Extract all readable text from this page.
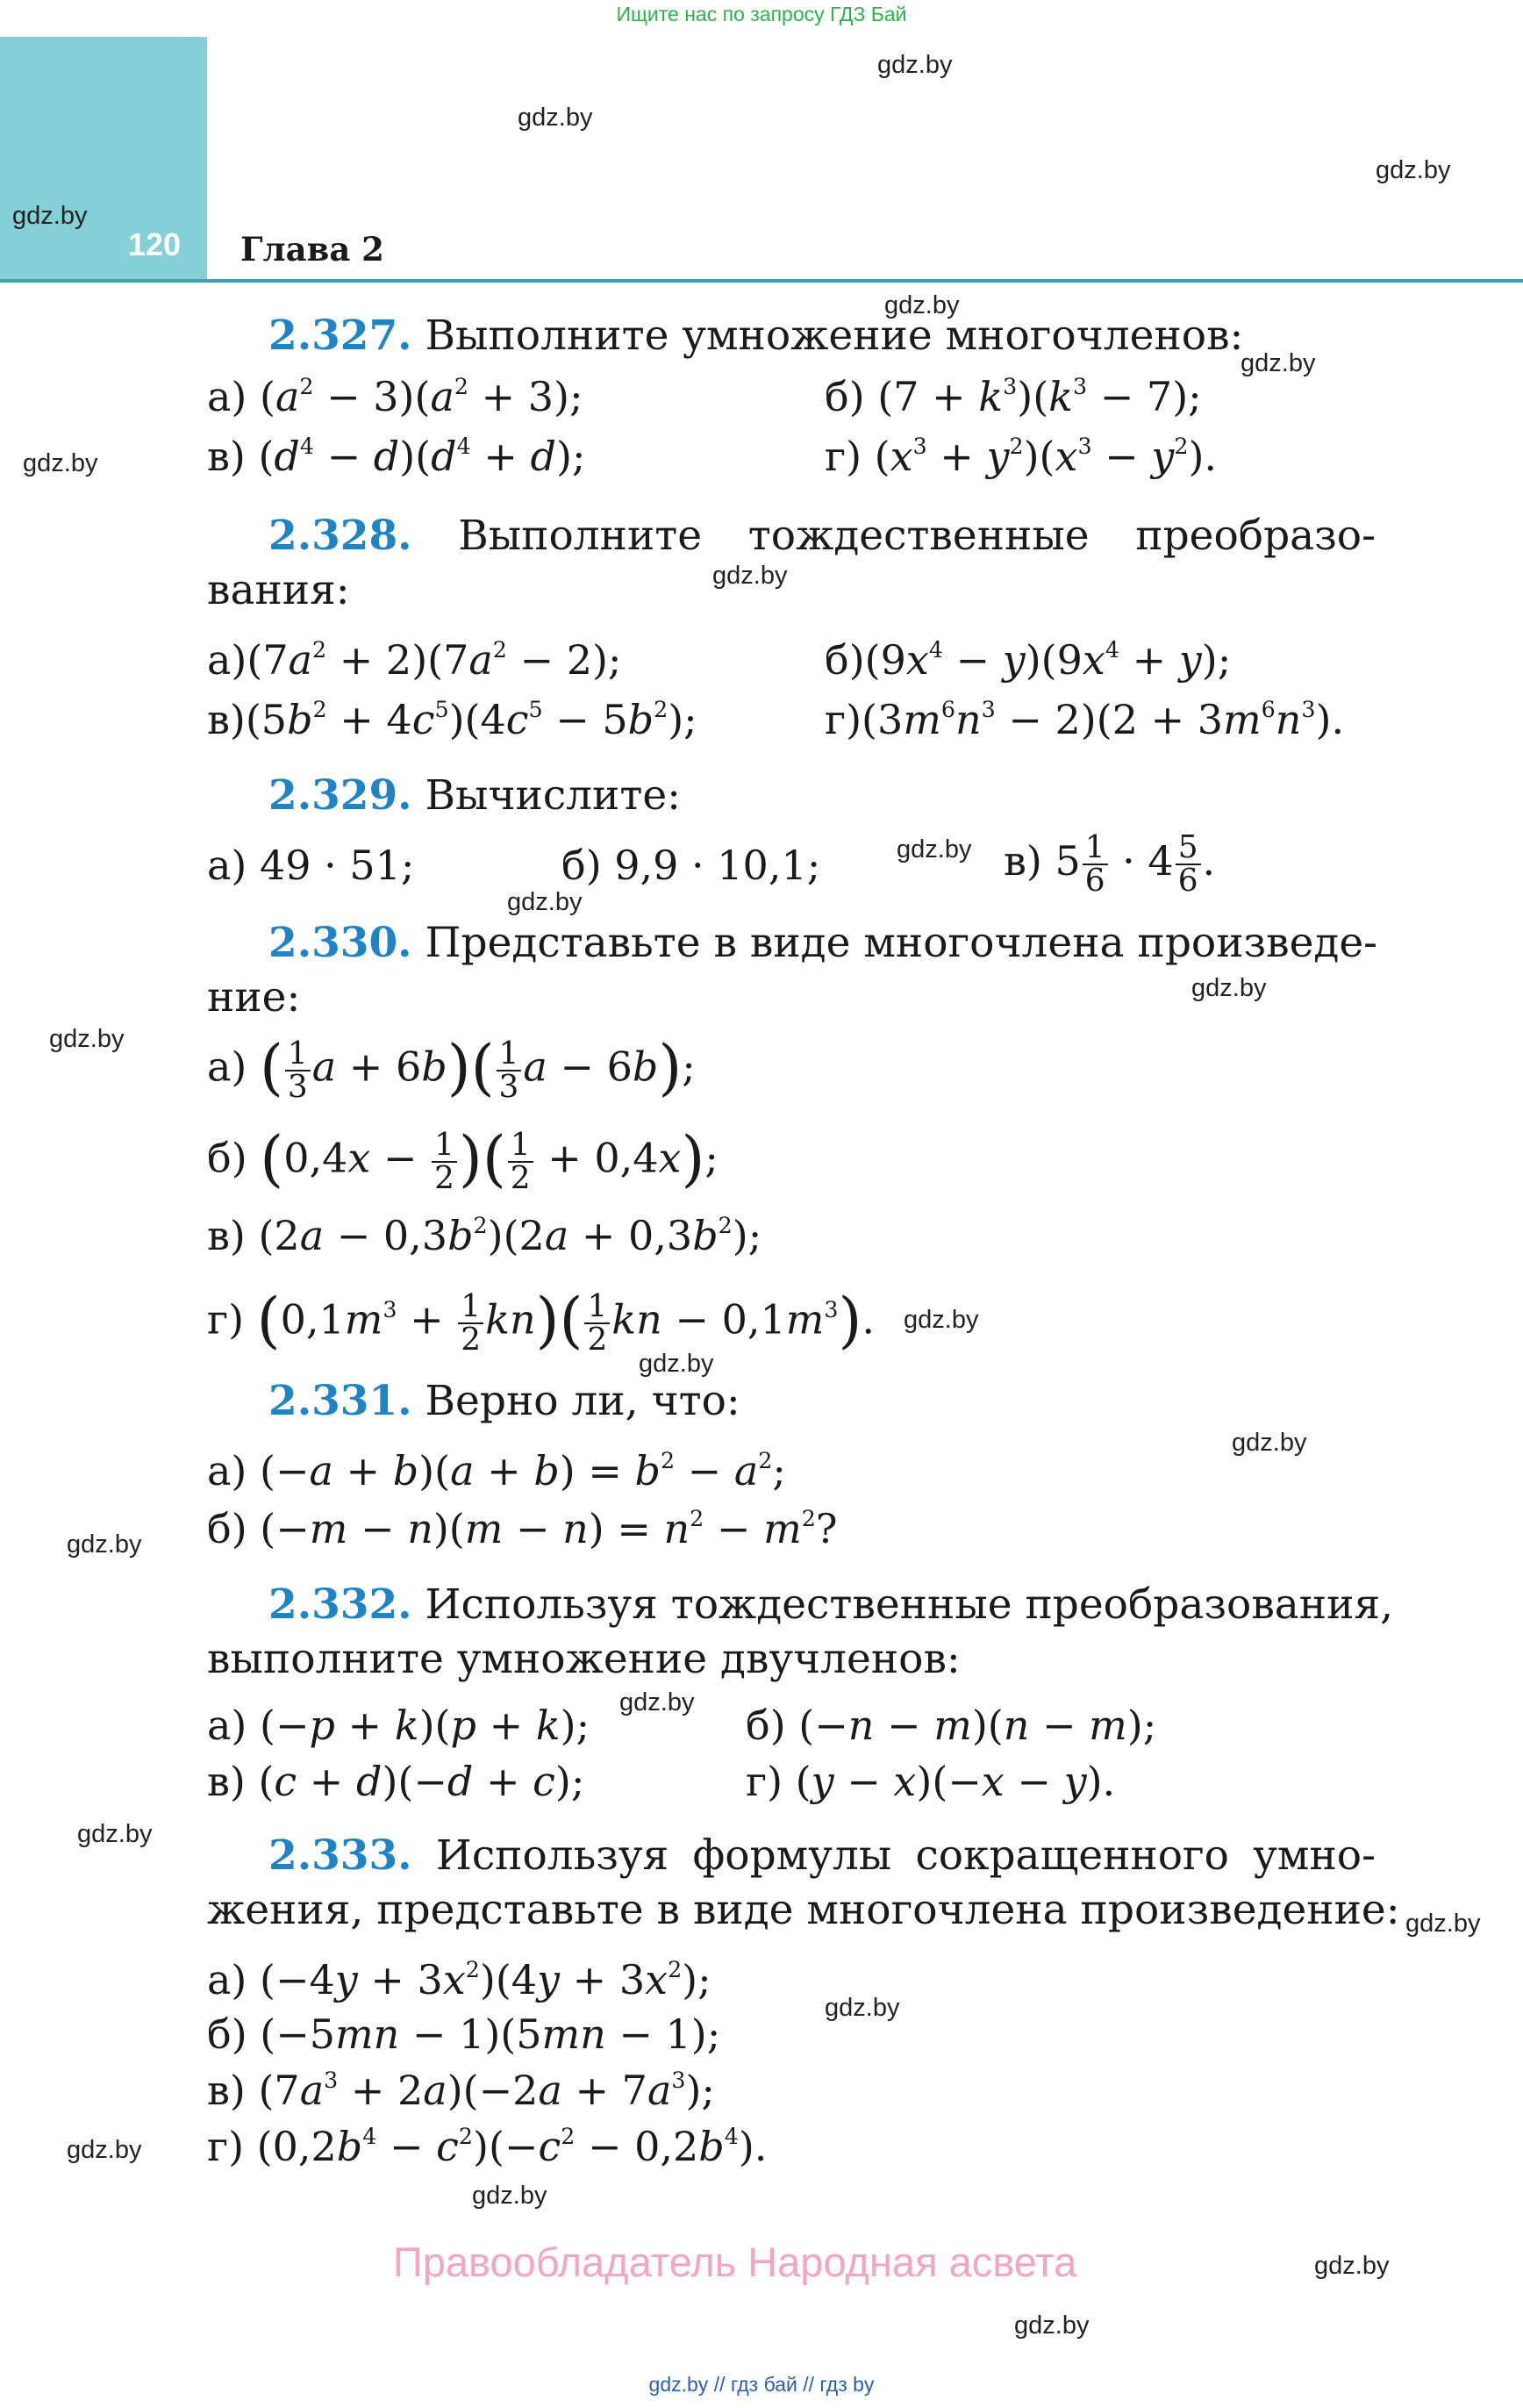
Ищите нас по запросу ГДЗ Бай
120 Глава 2
gdz.by
gdz.by
gdz.by
gdz.by
gdz.by
gdz.by
gdz.by
gdz.by
gdz.by
gdz.by
gdz.by
gdz.by
gdz.by
gdz.by
gdz.by
gdz.by
gdz.by
gdz.by
gdz.by
gdz.by
gdz.by
gdz.by
gdz.by
gdz.by
2.327. Выполните умножение многочленов:
а) $(a^2 - 3)(a^2 + 3)$;	б) $(7 + k^3)(k^3 - 7)$;
в) $(d^4 - d)(d^4 + d)$;	г) $(x^3 + y^2)(x^3 - y^2)$.
2.328. Выполните тождественные преобразо-
вания:
$а)(7a^2 + 2)(7a^2 - 2)$;	$б)(9x^4 - y)(9x^4 + y)$;
$в)(5b^2 + 4c^5)(4c^5 - 5b^2)$;	$г)(3m^6n^3 - 2)(2 + 3m^6n^3)$.
2.329. Вычислите:
а) 49 · 51;	б) 9,9 · 10,1;	в) $5 \frac{1}{6} \cdot 4 \frac{5}{6}$ .
2.330. Представьте в виде многочлена произведе-
ние:
а) ( $\frac{1}{3}$ $a + 6b)( \frac{1}{3}$ a − 6b);
б) ($0,4x - \frac{1}{2}$ )( $\frac{1}{2} + 0,4x$);
в) $(2a - 0,3b^2)(2a + 0,3b^2)$;
г) $(0,1m^3 + \frac{1}{2} kn)( \frac{1}{2}$ kn − $0,1m^3$).
2.331. Верно ли, что:
а) $(-a + b)(a + b) = b^2 - a^2$;
б) $(-m - n)(m - n) = n^2 - m^2$?
2.332. Используя тождественные преобразования,
выполните умножение двучленов:
а) (−p + k)(p + k);	б) (−n − m)(n − m);
в) (c + d)(−d + c);	г) (y − x)(−x − y).
2.333. Используя формулы сокращенного умно-
жения, представьте в виде многочлена произведение:
а) $(-4y + 3x^2)(4y + 3x^2)$;
б) (−5mn − 1)(5mn − 1);
в) $(7a^3 + 2a)(-2a + 7a^3)$;
г) $(0,2b^4 - c^2)(-c^2 - 0,2b^4)$.
Правообладатель Народная асвета
gdz.by // гдз бай // гдз by
